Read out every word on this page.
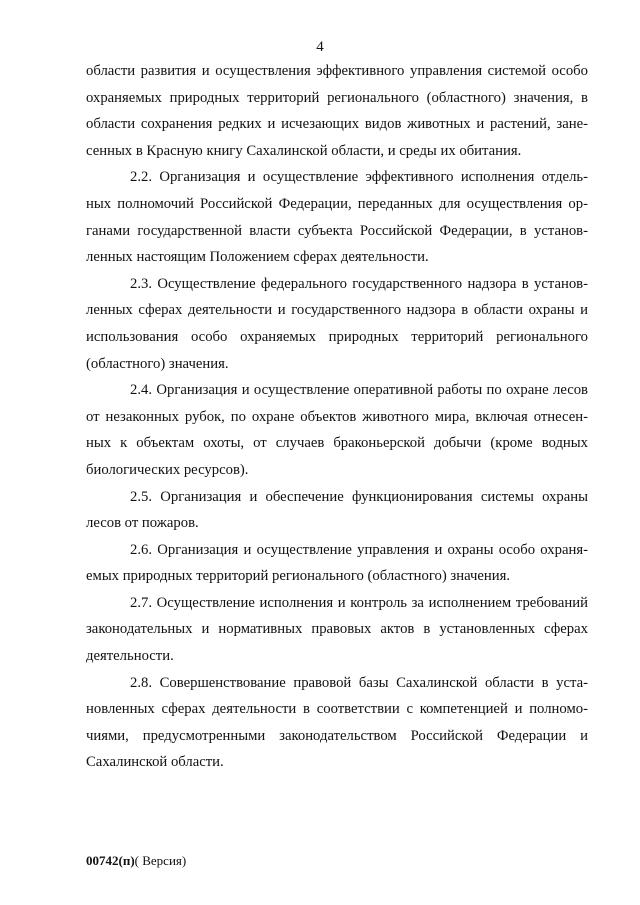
4
области развития и осуществления эффективного управления системой особо
охраняемых природных территорий регионального (областного) значения, в
области сохранения редких и исчезающих видов животных и растений, зане-
сенных в Красную книгу Сахалинской области, и среды их обитания.
2.2. Организация и осуществление эффективного исполнения отдель-
ных полномочий Российской Федерации, переданных для осуществления ор-
ганами государственной власти субъекта Российской Федерации, в установ-
ленных настоящим Положением сферах деятельности.
2.3. Осуществление федерального государственного надзора в установ-
ленных сферах деятельности и государственного надзора в области охраны и
использования особо охраняемых природных территорий регионального
(областного) значения.
2.4. Организация и осуществление оперативной работы по охране лесов
от незаконных рубок, по охране объектов животного мира, включая отнесен-
ных к объектам охоты, от случаев браконьерской добычи (кроме водных
биологических ресурсов).
2.5. Организация и обеспечение функционирования системы охраны
лесов от пожаров.
2.6. Организация и осуществление управления и охраны особо охраня-
емых природных территорий регионального (областного) значения.
2.7. Осуществление исполнения и контроль за исполнением требований
законодательных и нормативных правовых актов в установленных сферах
деятельности.
2.8. Совершенствование правовой базы Сахалинской области в уста-
новленных сферах деятельности в соответствии с компетенцией и полномо-
чиями, предусмотренными законодательством Российской Федерации и
Сахалинской области.
00742(п)( Версия)
